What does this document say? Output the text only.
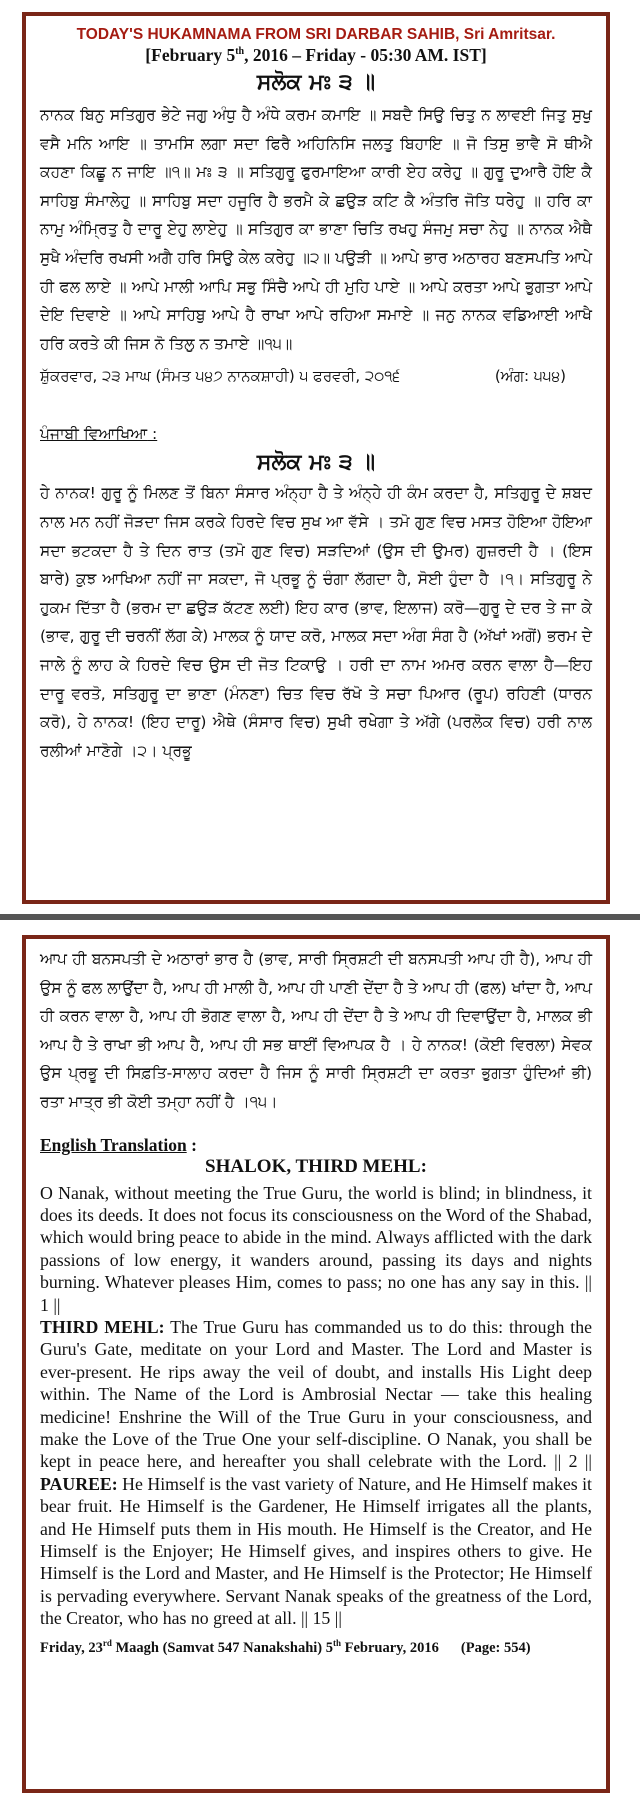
TODAY'S HUKAMNAMA FROM SRI DARBAR SAHIB, Sri Amritsar.
[February 5th, 2016 – Friday - 05:30 AM. IST]
ਸਲੋਕ ਮਃ ੩ ॥

ਨਾਨਕ ਬਿਨੁ ਸਤਿਗੁਰ ਭੇਟੇ ਜਗੁ ਅੰਧੁ ਹੈ ਅੰਧੇ ਕਰਮ ਕਮਾਇ ॥ ਸਬਦੈ ਸਿਉ ਚਿਤੁ ਨ ਲਾਵਈ ਜਿਤੁ ਸੁਖੁ ਵਸੈ ਮਨਿ ਆਇ ॥ ਤਾਮਸਿ ਲਗਾ ਸਦਾ ਫਿਰੈ ਅਹਿਨਿਸਿ ਜਲਤੁ ਬਿਹਾਇ ॥ ਜੋ ਤਿਸੁ ਭਾਵੈ ਸੋ ਥੀਐ ਕਹਣਾ ਕਿਛੂ ਨ ਜਾਇ ॥੧॥ ਮਃ ੩ ॥ ਸਤਿਗੁਰੂ ਫੁਰਮਾਇਆ ਕਾਰੀ ਏਹ ਕਰੇਹੁ ॥ ਗੁਰੂ ਦੁਆਰੈ ਹੋਇ ਕੈ ਸਾਹਿਬੁ ਸੰਮਾਲੇਹੁ ॥ ਸਾਹਿਬੁ ਸਦਾ ਹਜੂਰਿ ਹੈ ਭਰਮੈ ਕੇ ਛਉੜ ਕਟਿ ਕੈ ਅੰਤਰਿ ਜੋਤਿ ਧਰੇਹੁ ॥ ਹਰਿ ਕਾ ਨਾਮੁ ਅੰਮ੍ਰਿਤੁ ਹੈ ਦਾਰੂ ਏਹੁ ਲਾਏਹੁ ॥ ਸਤਿਗੁਰ ਕਾ ਭਾਣਾ ਚਿਤਿ ਰਖਹੁ ਸੰਜਮੁ ਸਚਾ ਨੇਹੁ ॥ ਨਾਨਕ ਐਥੈ ਸੁਖੈ ਅੰਦਰਿ ਰਖਸੀ ਅਗੈ ਹਰਿ ਸਿਉ ਕੇਲ ਕਰੇਹੁ ॥੨॥ ਪਉੜੀ ॥ ਆਪੇ ਭਾਰ ਅਠਾਰਹ ਬਣਸਪਤਿ ਆਪੇ ਹੀ ਫਲ ਲਾਏ ॥ ਆਪੇ ਮਾਲੀ ਆਪਿ ਸਭੁ ਸਿੰਚੈ ਆਪੇ ਹੀ ਮੁਹਿ ਪਾਏ ॥ ਆਪੇ ਕਰਤਾ ਆਪੇ ਭੁਗਤਾ ਆਪੇ ਦੇਇ ਦਿਵਾਏ ॥ ਆਪੇ ਸਾਹਿਬੁ ਆਪੇ ਹੈ ਰਾਖਾ ਆਪੇ ਰਹਿਆ ਸਮਾਏ ॥ ਜਨੁ ਨਾਨਕ ਵਡਿਆਈ ਆਖੈ ਹਰਿ ਕਰਤੇ ਕੀ ਜਿਸ ਨੋ ਤਿਲੁ ਨ ਤਮਾਏ ॥੧੫॥

ਸ਼ੁੱਕਰਵਾਰ, ੨੩ ਮਾਘ (ਸੰਮਤ ੫੪੭ ਨਾਨਕਸ਼ਾਹੀ) ੫ ਫਰਵਰੀ, ੨੦੧੬	(ਅੰਗ: ੫੫੪)
ਪੰਜਾਬੀ ਵਿਆਖਿਆ :
ਸਲੋਕ ਮਃ ੩ ॥

ਹੇ ਨਾਨਕ! ਗੁਰੂ ਨੂੰ ਮਿਲਣ ਤੋਂ ਬਿਨਾ ਸੰਸਾਰ ਅੰਨ੍ਹਾ ਹੈ ਤੇ ਅੰਨ੍ਹੇ ਹੀ ਕੰਮ ਕਰਦਾ ਹੈ, ਸਤਿਗੁਰੂ ਦੇ ਸ਼ਬਦ ਨਾਲ ਮਨ ਨਹੀਂ ਜੋੜਦਾ ਜਿਸ ਕਰਕੇ ਹਿਰਦੇ ਵਿਚ ਸੁਖ ਆ ਵੱਸੇ । ਤਮੋ ਗੁਣ ਵਿਚ ਮਸਤ ਹੋਇਆ ਹੋਇਆ ਸਦਾ ਭਟਕਦਾ ਹੈ ਤੇ ਦਿਨ ਰਾਤ (ਤਮੋ ਗੁਣ ਵਿਚ) ਸੜਦਿਆਂ (ਉਸ ਦੀ ਉਮਰ) ਗੁਜ਼ਰਦੀ ਹੈ । (ਇਸ ਬਾਰੇ) ਕੁਝ ਆਖਿਆ ਨਹੀਂ ਜਾ ਸਕਦਾ, ਜੋ ਪ੍ਰਭੂ ਨੂੰ ਚੰਗਾ ਲੱਗਦਾ ਹੈ, ਸੋਈ ਹੁੰਦਾ ਹੈ ।੧। ਸਤਿਗੁਰੂ ਨੇ ਹੁਕਮ ਦਿੱਤਾ ਹੈ (ਭਰਮ ਦਾ ਛਉੜ ਕੱਟਣ ਲਈ) ਇਹ ਕਾਰ (ਭਾਵ, ਇਲਾਜ) ਕਰੋ—ਗੁਰੂ ਦੇ ਦਰ ਤੇ ਜਾ ਕੇ (ਭਾਵ, ਗੁਰੂ ਦੀ ਚਰਨੀਂ ਲੱਗ ਕੇ) ਮਾਲਕ ਨੂੰ ਯਾਦ ਕਰੋ, ਮਾਲਕ ਸਦਾ ਅੰਗ ਸੰਗ ਹੈ (ਅੱਖਾਂ ਅਗੋਂ) ਭਰਮ ਦੇ ਜਾਲੇ ਨੂੰ ਲਾਹ ਕੇ ਹਿਰਦੇ ਵਿਚ ਉਸ ਦੀ ਜੋਤ ਟਿਕਾਉ । ਹਰੀ ਦਾ ਨਾਮ ਅਮਰ ਕਰਨ ਵਾਲਾ ਹੈ—ਇਹ ਦਾਰੂ ਵਰਤੋ, ਸਤਿਗੁਰੂ ਦਾ ਭਾਣਾ (ਮੰਨਣਾ) ਚਿਤ ਵਿਚ ਰੱਖੋ ਤੇ ਸਚਾ ਪਿਆਰ (ਰੂਪ) ਰਹਿਣੀ (ਧਾਰਨ ਕਰੋ), ਹੇ ਨਾਨਕ! (ਇਹ ਦਾਰੂ) ਐਥੇ (ਸੰਸਾਰ ਵਿਚ) ਸੁਖੀ ਰਖੇਗਾ ਤੇ ਅੱਗੇ (ਪਰਲੋਕ ਵਿਚ) ਹਰੀ ਨਾਲ ਰਲੀਆਂ ਮਾਣੋਗੇ ।੨। ਪ੍ਰਭੂ

ਆਪ ਹੀ ਬਨਸਪਤੀ ਦੇ ਅਠਾਰਾਂ ਭਾਰ ਹੈ (ਭਾਵ, ਸਾਰੀ ਸ੍ਰਿਸ਼ਟੀ ਦੀ ਬਨਸਪਤੀ ਆਪ ਹੀ ਹੈ), ਆਪ ਹੀ ਉਸ ਨੂੰ ਫਲ ਲਾਉਂਦਾ ਹੈ, ਆਪ ਹੀ ਮਾਲੀ ਹੈ, ਆਪ ਹੀ ਪਾਣੀ ਦੇਂਦਾ ਹੈ ਤੇ ਆਪ ਹੀ (ਫਲ) ਖਾਂਦਾ ਹੈ, ਆਪ ਹੀ ਕਰਨ ਵਾਲਾ ਹੈ, ਆਪ ਹੀ ਭੋਗਣ ਵਾਲਾ ਹੈ, ਆਪ ਹੀ ਦੇਂਦਾ ਹੈ ਤੇ ਆਪ ਹੀ ਦਿਵਾਉਂਦਾ ਹੈ, ਮਾਲਕ ਭੀ ਆਪ ਹੈ ਤੇ ਰਾਖਾ ਭੀ ਆਪ ਹੈ, ਆਪ ਹੀ ਸਭ ਥਾਈਂ ਵਿਆਪਕ ਹੈ । ਹੇ ਨਾਨਕ! (ਕੋਈ ਵਿਰਲਾ) ਸੇਵਕ ਉਸ ਪ੍ਰਭੂ ਦੀ ਸਿਫ਼ਤਿ-ਸਾਲਾਹ ਕਰਦਾ ਹੈ ਜਿਸ ਨੂੰ ਸਾਰੀ ਸ੍ਰਿਸ਼ਟੀ ਦਾ ਕਰਤਾ ਭੁਗਤਾ ਹੁੰਦਿਆਂ ਭੀ) ਰਤਾ ਮਾਤ੍ਰ ਭੀ ਕੋਈ ਤਮ੍ਹਾ ਨਹੀਂ ਹੈ ।੧੫।

English Translation :
SHALOK, THIRD MEHL:

O Nanak, without meeting the True Guru, the world is blind; in blindness, it does its deeds. It does not focus its consciousness on the Word of the Shabad, which would bring peace to abide in the mind. Always afflicted with the dark passions of low energy, it wanders around, passing its days and nights burning. Whatever pleases Him, comes to pass; no one has any say in this. || 1 ||
THIRD MEHL: The True Guru has commanded us to do this: through the Guru's Gate, meditate on your Lord and Master. The Lord and Master is ever-present. He rips away the veil of doubt, and installs His Light deep within. The Name of the Lord is Ambrosial Nectar — take this healing medicine! Enshrine the Will of the True Guru in your consciousness, and make the Love of the True One your self-discipline. O Nanak, you shall be kept in peace here, and hereafter you shall celebrate with the Lord. || 2 || PAUREE: He Himself is the vast variety of Nature, and He Himself makes it bear fruit. He Himself is the Gardener, He Himself irrigates all the plants, and He Himself puts them in His mouth. He Himself is the Creator, and He Himself is the Enjoyer; He Himself gives, and inspires others to give. He Himself is the Lord and Master, and He Himself is the Protector; He Himself is pervading everywhere. Servant Nanak speaks of the greatness of the Lord, the Creator, who has no greed at all. || 15 ||

Friday, 23rd Maagh (Samvat 547 Nanakshahi) 5th February, 2016 (Page: 554)
